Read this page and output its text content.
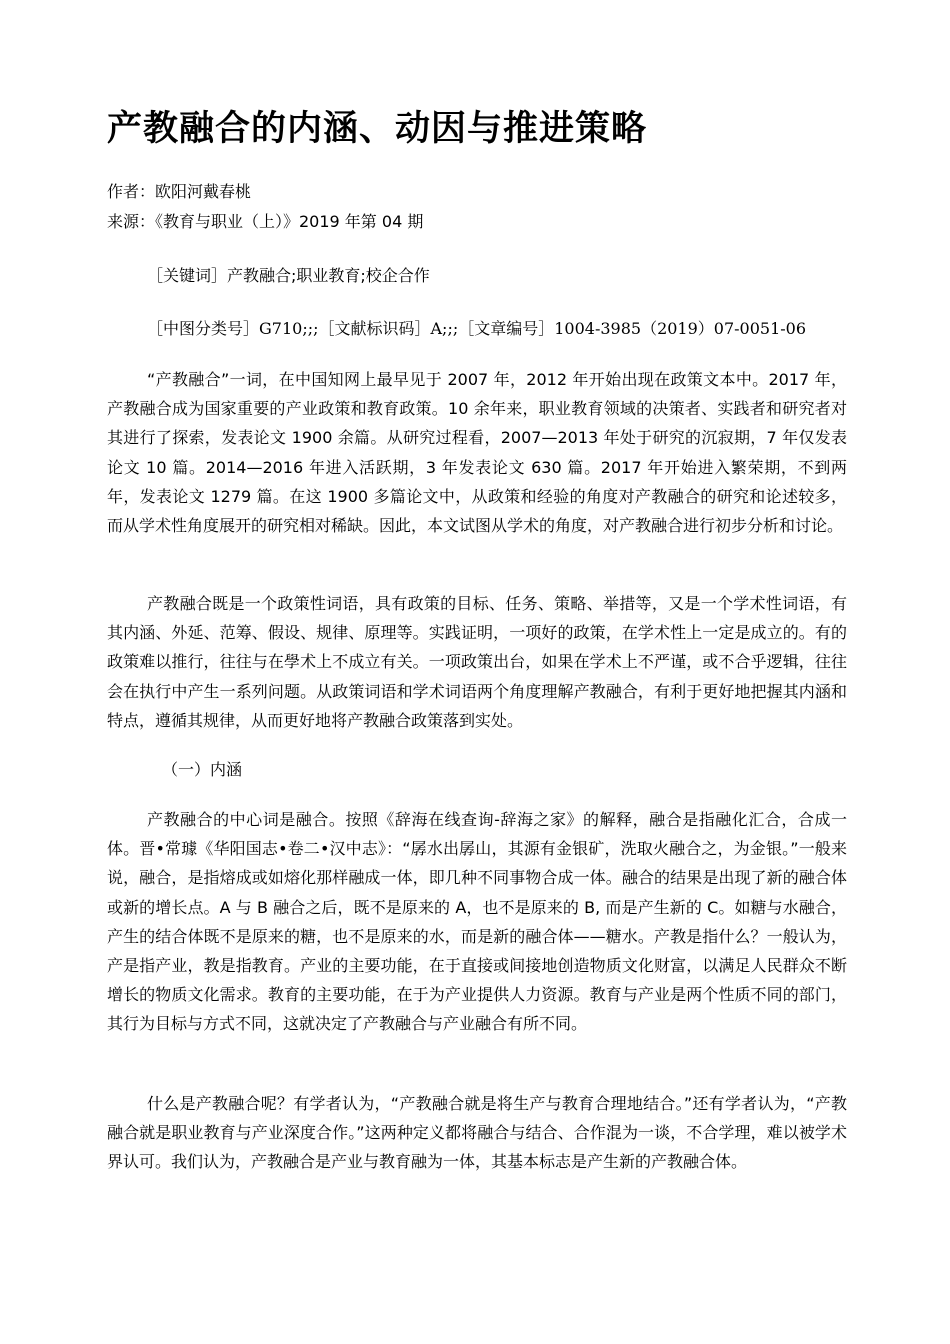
产教融合的内涵、动因与推进策略
作者：欧阳河戴春桃
来源：《教育与职业（上）》2019 年第 04 期
［关键词］产教融合;职业教育;校企合作
［中图分类号］G710;;;［文献标识码］A;;;［文章编号］1004-3985（2019）07-0051-06

“产教融合”一词，在中国知网上最早见于 2007 年，2012 年开始出现在政策文本中。2017 年，产教融合成为国家重要的产业政策和教育政策。10 余年来，职业教育领域的决策者、实践者和研究者对其进行了探索，发表论文 1900 余篇。从研究过程看，2007—2013 年处于研究的沉寂期，7 年仅发表论文 10 篇。2014—2016 年进入活跃期，3 年发表论文 630 篇。2017 年开始进入繁荣期，不到两年，发表论文 1279 篇。在这 1900 多篇论文中，从政策和经验的角度对产教融合的研究和论述较多，而从学术性角度展开的研究相对稀缺。因此，本文试图从学术的角度，对产教融合进行初步分析和讨论。

产教融合既是一个政策性词语，具有政策的目标、任务、策略、举措等，又是一个学术性词语，有其内涵、外延、范筹、假设、规律、原理等。实践证明，一项好的政策，在学术性上一定是成立的。有的政策难以推行，往往与在學术上不成立有关。一项政策出台，如果在学术上不严谨，或不合乎逻辑，往往会在执行中产生一系列问题。从政策词语和学术词语两个角度理解产教融合，有利于更好地把握其内涵和特点，遵循其规律，从而更好地将产教融合政策落到实处。

（一）内涵

产教融合的中心词是融合。按照《辞海在线查询-辞海之家》的解释，融合是指融化汇合，合成一体。晋•常璩《华阳国志•卷二•汉中志》：“孱水出孱山，其源有金银矿，洗取火融合之，为金银。”一般来说，融合，是指熔成或如熔化那样融成一体，即几种不同事物合成一体。融合的结果是出现了新的融合体或新的增长点。A 与 B 融合之后，既不是原来的 A，也不是原来的 B, 而是产生新的 C。如糖与水融合，产生的结合体既不是原来的糖，也不是原来的水，而是新的融合体——糖水。产教是指什么？一般认为，产是指产业，教是指教育。产业的主要功能，在于直接或间接地创造物质文化财富，以满足人民群众不断增长的物质文化需求。教育的主要功能，在于为产业提供人力资源。教育与产业是两个性质不同的部门，其行为目标与方式不同，这就决定了产教融合与产业融合有所不同。

什么是产教融合呢？有学者认为，“产教融合就是将生产与教育合理地结合。”还有学者认为，“产教融合就是职业教育与产业深度合作。”这两种定义都将融合与结合、合作混为一谈，不合学理，难以被学术界认可。我们认为，产教融合是产业与教育融为一体，其基本标志是产生新的产教融合体。
